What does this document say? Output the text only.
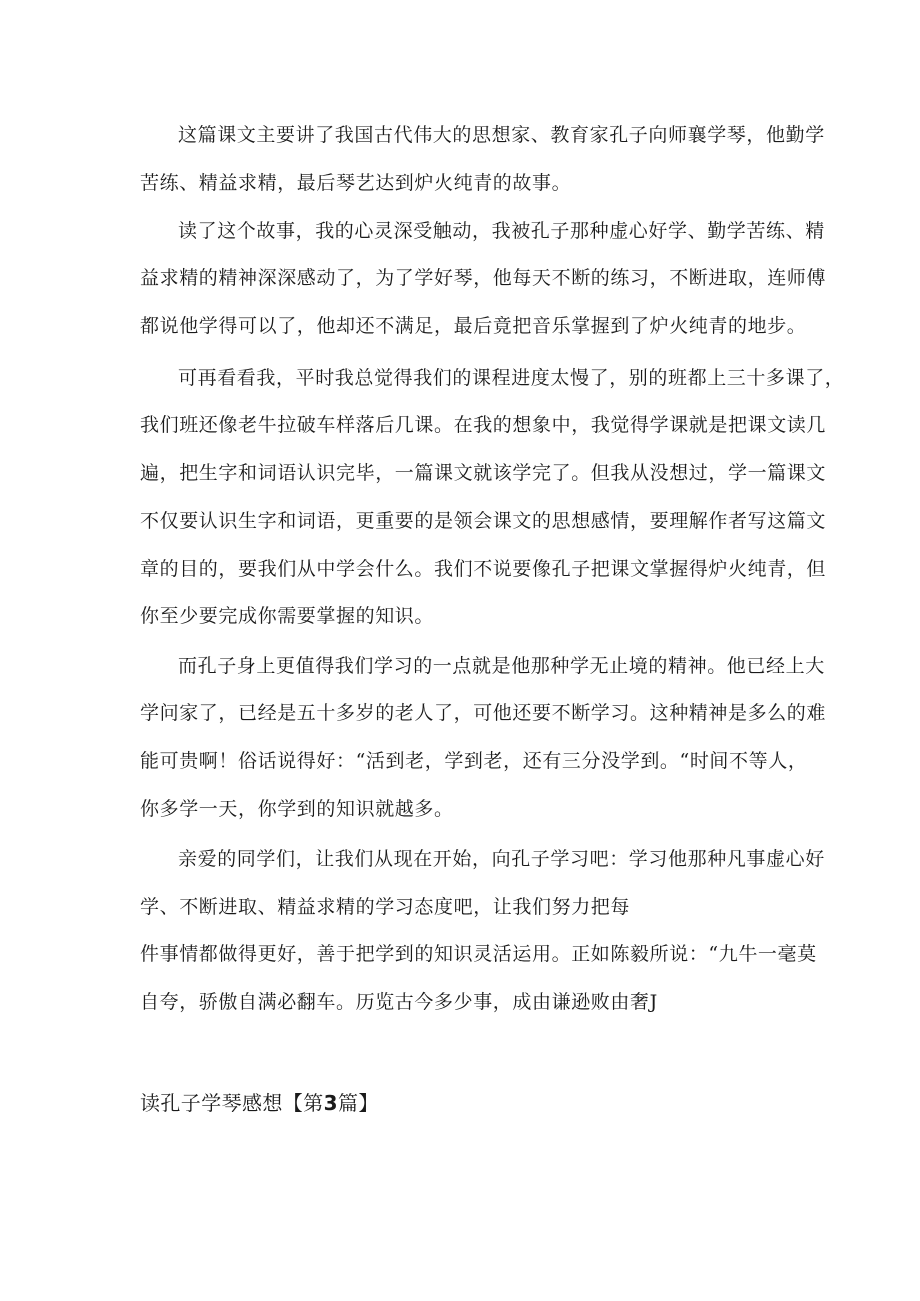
这篇课文主要讲了我国古代伟大的思想家、教育家孔子向师襄学琴，他勤学
苦练、精益求精，最后琴艺达到炉火纯青的故事。
读了这个故事，我的心灵深受触动，我被孔子那种虚心好学、勤学苦练、精
益求精的精神深深感动了，为了学好琴，他每天不断的练习，不断进取，连师傅
都说他学得可以了，他却还不满足，最后竟把音乐掌握到了炉火纯青的地步。
可再看看我，平时我总觉得我们的课程进度太慢了，别的班都上三十多课了，
我们班还像老牛拉破车样落后几课。在我的想象中，我觉得学课就是把课文读几
遍，把生字和词语认识完毕，一篇课文就该学完了。但我从没想过，学一篇课文
不仅要认识生字和词语，更重要的是领会课文的思想感情，要理解作者写这篇文
章的目的，要我们从中学会什么。我们不说要像孔子把课文掌握得炉火纯青，但
你至少要完成你需要掌握的知识。
而孔子身上更值得我们学习的一点就是他那种学无止境的精神。他已经上大
学问家了，已经是五十多岁的老人了，可他还要不断学习。这种精神是多么的难
能可贵啊！俗话说得好：“活到老，学到老，还有三分没学到。“时间不等人，
你多学一天，你学到的知识就越多。
亲爱的同学们，让我们从现在开始，向孔子学习吧：学习他那种凡事虚心好
学、不断进取、精益求精的学习态度吧，让我们努力把每
件事情都做得更好，善于把学到的知识灵活运用。正如陈毅所说：“九牛一毫莫
自夸，骄傲自满必翻车。历览古今多少事，成由谦逊败由奢J
读孔子学琴感想【第3篇】
